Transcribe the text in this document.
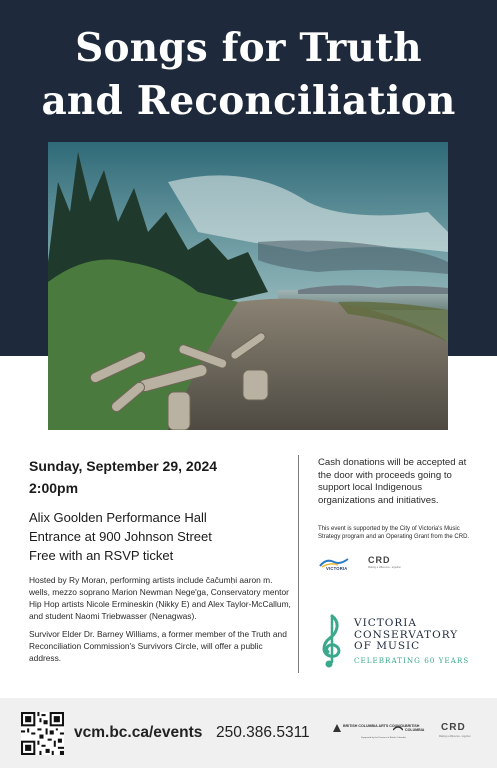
Songs for Truth
and Reconciliation
Sunday, September 29, 2024
2:00pm
Alix Goolden Performance Hall
Entrance at 900 Johnson Street
Free with an RSVP ticket

Hosted by Ry Moran, performing artists include čačumḥi aaron m. wells, mezzo soprano Marion Newman Nege'ga, Conservatory mentor Hip Hop artists Nicole Ermineskin (Nikky E) and Alex Taylor-McCallum, and student Naomi Triebwasser (Nenagwas).

Survivor Elder Dr. Barney Williams, a former member of the Truth and Reconciliation Commission's Survivors Circle, will offer a public address.

Cash donations will be accepted at the door with proceeds going to support local Indigenous organizations and initiatives.

This event is supported by the City of Victoria's Music Strategy program and an Operating Grant from the CRD.

VICTORIA
CRD
Making a difference...together
VICTORIA
CONSERVATORY
OF MUSIC
CELEBRATING 60 YEARS
vcm.bc.ca/events 250.386.5311	BRITISH COLUMBIA ARTS COUNCIL BRITISH COLUMBIA
Supported by the Province of British Columbia
CRD
Making a difference...together
